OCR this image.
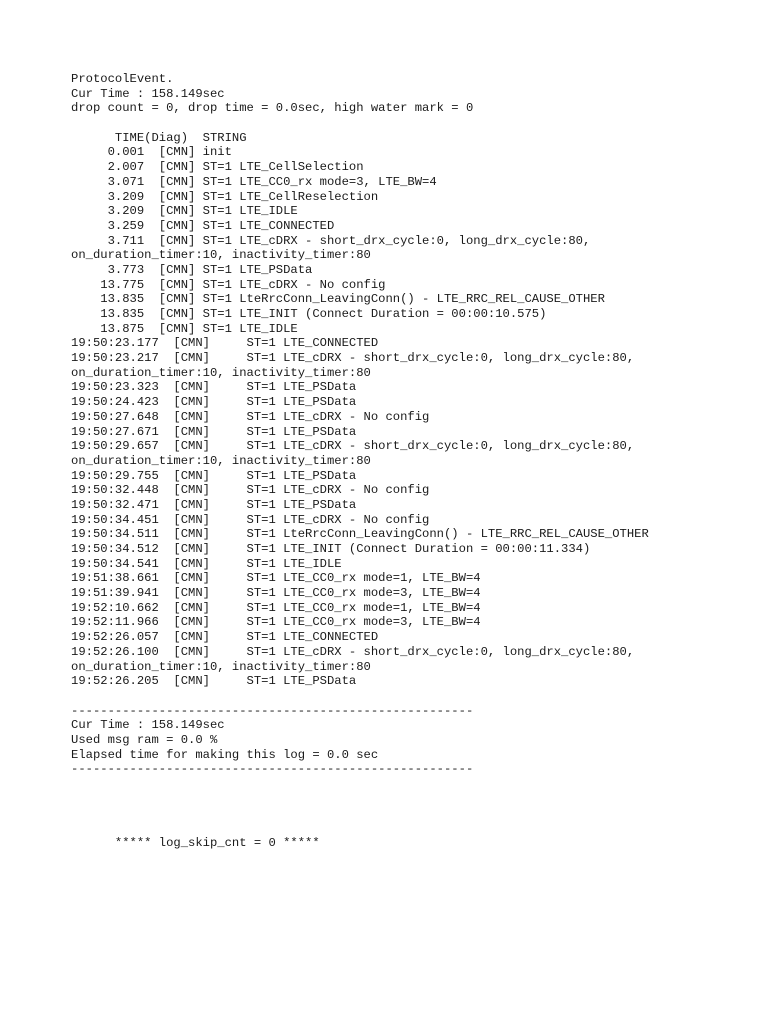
ProtocolEvent.
Cur Time : 158.149sec
drop count = 0, drop time = 0.0sec, high water mark = 0
TIME(Diag)  STRING
0.001  [CMN] init
2.007  [CMN] ST=1 LTE_CellSelection
3.071  [CMN] ST=1 LTE_CC0_rx mode=3, LTE_BW=4
3.209  [CMN] ST=1 LTE_CellReselection
3.209  [CMN] ST=1 LTE_IDLE
3.259  [CMN] ST=1 LTE_CONNECTED
3.711  [CMN] ST=1 LTE_cDRX - short_drx_cycle:0, long_drx_cycle:80,
on_duration_timer:10, inactivity_timer:80
3.773  [CMN] ST=1 LTE_PSData
13.775  [CMN] ST=1 LTE_cDRX - No config
13.835  [CMN] ST=1 LteRrcConn_LeavingConn() - LTE_RRC_REL_CAUSE_OTHER
13.835  [CMN] ST=1 LTE_INIT (Connect Duration = 00:00:10.575)
13.875  [CMN] ST=1 LTE_IDLE
19:50:23.177  [CMN]     ST=1 LTE_CONNECTED
19:50:23.217  [CMN]     ST=1 LTE_cDRX - short_drx_cycle:0, long_drx_cycle:80,
on_duration_timer:10, inactivity_timer:80
19:50:23.323  [CMN]     ST=1 LTE_PSData
19:50:24.423  [CMN]     ST=1 LTE_PSData
19:50:27.648  [CMN]     ST=1 LTE_cDRX - No config
19:50:27.671  [CMN]     ST=1 LTE_PSData
19:50:29.657  [CMN]     ST=1 LTE_cDRX - short_drx_cycle:0, long_drx_cycle:80,
on_duration_timer:10, inactivity_timer:80
19:50:29.755  [CMN]     ST=1 LTE_PSData
19:50:32.448  [CMN]     ST=1 LTE_cDRX - No config
19:50:32.471  [CMN]     ST=1 LTE_PSData
19:50:34.451  [CMN]     ST=1 LTE_cDRX - No config
19:50:34.511  [CMN]     ST=1 LteRrcConn_LeavingConn() - LTE_RRC_REL_CAUSE_OTHER
19:50:34.512  [CMN]     ST=1 LTE_INIT (Connect Duration = 00:00:11.334)
19:50:34.541  [CMN]     ST=1 LTE_IDLE
19:51:38.661  [CMN]     ST=1 LTE_CC0_rx mode=1, LTE_BW=4
19:51:39.941  [CMN]     ST=1 LTE_CC0_rx mode=3, LTE_BW=4
19:52:10.662  [CMN]     ST=1 LTE_CC0_rx mode=1, LTE_BW=4
19:52:11.966  [CMN]     ST=1 LTE_CC0_rx mode=3, LTE_BW=4
19:52:26.057  [CMN]     ST=1 LTE_CONNECTED
19:52:26.100  [CMN]     ST=1 LTE_cDRX - short_drx_cycle:0, long_drx_cycle:80,
on_duration_timer:10, inactivity_timer:80
19:52:26.205  [CMN]     ST=1 LTE_PSData
-------------------------------------------------------
Cur Time : 158.149sec
Used msg ram = 0.0 %
Elapsed time for making this log = 0.0 sec
-------------------------------------------------------
***** log_skip_cnt = 0 *****
